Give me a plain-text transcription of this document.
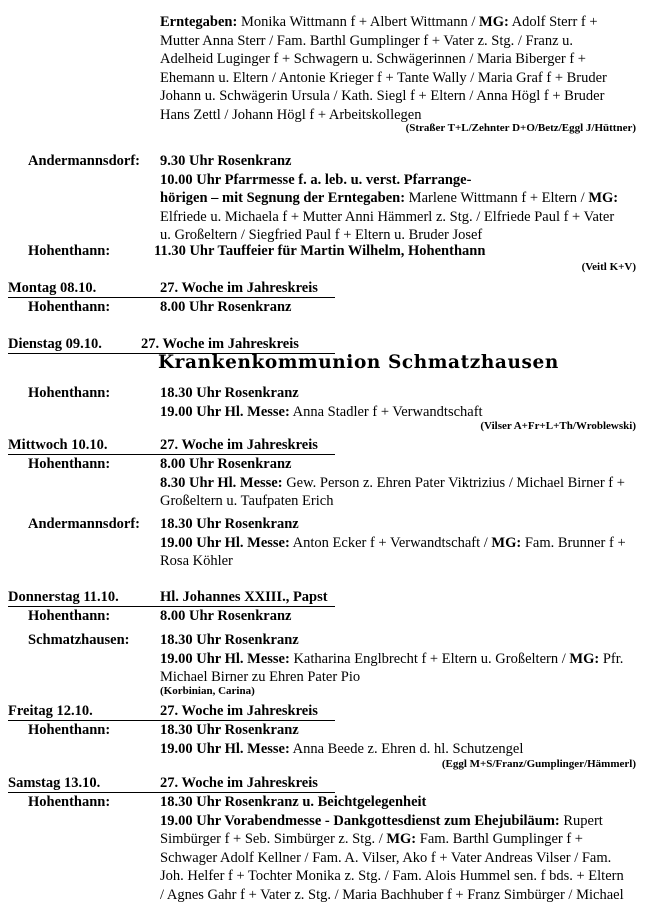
Erntegaben: Monika Wittmann f + Albert Wittmann / MG: Adolf Sterr f +
Mutter Anna Sterr / Fam. Barthl Gumplinger f + Vater z. Stg. / Franz u.
Adelheid Luginger f + Schwagern u. Schwägerinnen / Maria Biberger f +
Ehemann u. Eltern / Antonie Krieger f + Tante Wally / Maria Graf f + Bruder
Johann u. Schwägerin Ursula / Kath. Siegl f + Eltern / Anna Högl f + Bruder
Hans Zettl / Johann Högl f + Arbeitskollegen
(Straßer T+L/Zehnter D+O/Betz/Eggl J/Hüttner)
Andermannsdorf: 9.30 Uhr Rosenkranz
10.00 Uhr Pfarrmesse f. a. leb. u. verst. Pfarrange-
hörigen – mit Segnung der Erntegaben: Marlene Wittmann f + Eltern / MG:
Elfriede u. Michaela f + Mutter Anni Hämmerl z. Stg. / Elfriede Paul f + Vater
u. Großeltern / Siegfried Paul f + Eltern u. Bruder Josef
Hohenthann:	11.30 Uhr Tauffeier für Martin Wilhelm, Hohenthann
(Veitl K+V)
Montag 08.10.	27. Woche im Jahreskreis
Hohenthann:	8.00 Uhr Rosenkranz
Dienstag 09.10.	27. Woche im Jahreskreis
Krankenkommunion Schmatzhausen
Hohenthann:	18.30 Uhr Rosenkranz
19.00 Uhr Hl. Messe: Anna Stadler f + Verwandtschaft
(Vilser A+Fr+L+Th/Wroblewski)
Mittwoch 10.10.	27. Woche im Jahreskreis
Hohenthann:	8.00 Uhr Rosenkranz
8.30 Uhr Hl. Messe: Gew. Person z. Ehren Pater Viktrizius / Michael Birner f +
Großeltern u. Taufpaten Erich
Andermannsdorf: 18.30 Uhr Rosenkranz
19.00 Uhr Hl. Messe: Anton Ecker f + Verwandtschaft / MG: Fam. Brunner f +
Rosa Köhler
Donnerstag 11.10.	Hl. Johannes XXIII., Papst
Hohenthann:	8.00 Uhr Rosenkranz
Schmatzhausen: 18.30 Uhr Rosenkranz
19.00 Uhr Hl. Messe: Katharina Englbrecht f + Eltern u. Großeltern / MG: Pfr.
Michael Birner zu Ehren Pater Pio
(Korbinian, Carina)
Freitag 12.10.	27. Woche im Jahreskreis
Hohenthann:	18.30 Uhr Rosenkranz
19.00 Uhr Hl. Messe: Anna Beede z. Ehren d. hl. Schutzengel
(Eggl M+S/Franz/Gumplinger/Hämmerl)
Samstag 13.10.	27. Woche im Jahreskreis
Hohenthann:	18.30 Uhr Rosenkranz u. Beichtgelegenheit
19.00 Uhr Vorabendmesse - Dankgottesdienst zum Ehejubiläum: Rupert
Simbürger f + Seb. Simbürger z. Stg. / MG: Fam. Barthl Gumplinger f +
Schwager Adolf Kellner / Fam. A. Vilser, Ako f + Vater Andreas Vilser / Fam.
Joh. Helfer f + Tochter Monika z. Stg. / Fam. Alois Hummel sen. f bds. + Eltern
/ Agnes Gahr f + Vater z. Stg. / Maria Bachhuber f + Franz Simbürger / Michael
